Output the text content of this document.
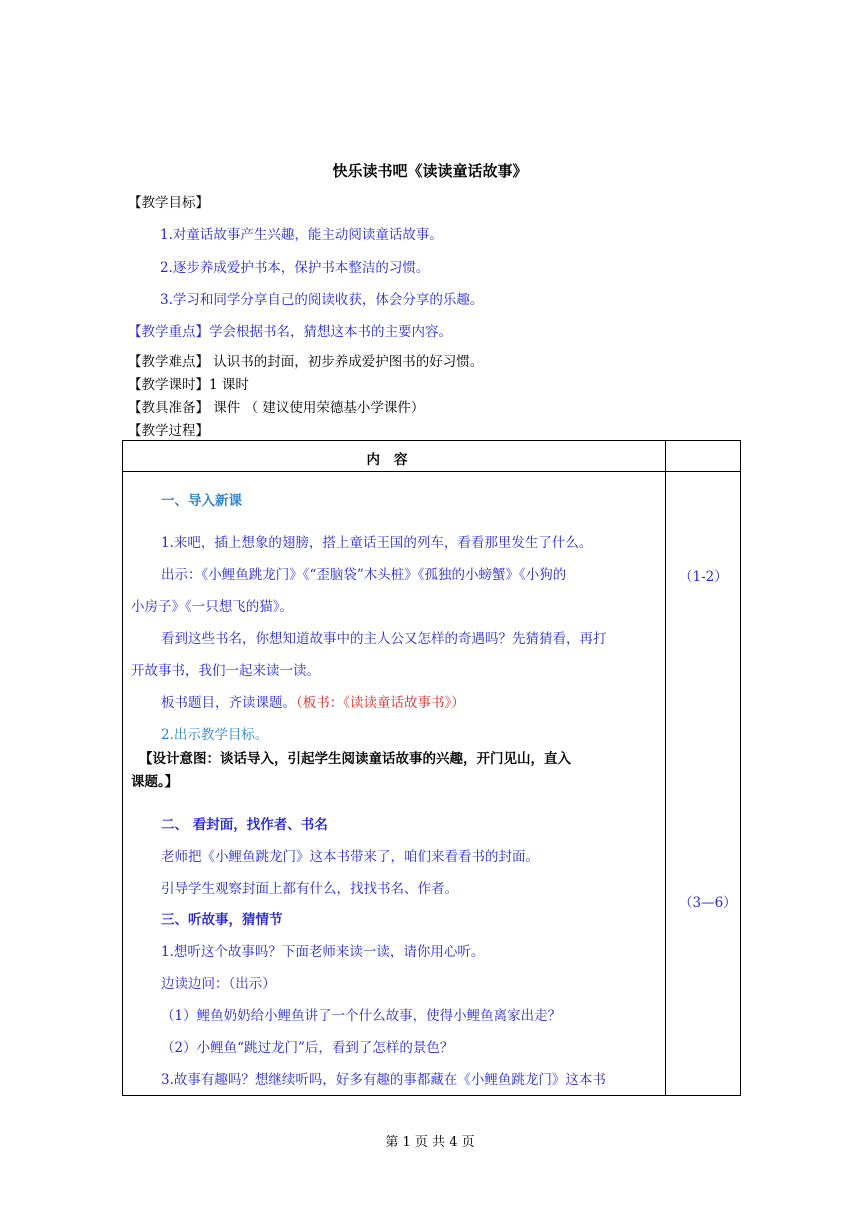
快乐读书吧《读读童话故事》
【教学目标】
1.对童话故事产生兴趣，能主动阅读童话故事。
2.逐步养成爱护书本，保护书本整洁的习惯。
3.学习和同学分享自己的阅读收获，体会分享的乐趣。
【教学重点】学会根据书名，猜想这本书的主要内容。
【教学难点】 认识书的封面，初步养成爱护图书的好习惯。
【教学课时】1 课时
【教具准备】 课件 （ 建议使用荣德基小学课件）
【教学过程】
内容
一、导入新课
1.来吧，插上想象的翅膀，搭上童话王国的列车，看看那里发生了什么。
出示：《小鲤鱼跳龙门》《“歪脑袋”木头桩》《孤独的小螃蟹》《小狗的
小房子》《一只想飞的猫》。
看到这些书名，你想知道故事中的主人公又怎样的奇遇吗？先猜猜看，再打
开故事书，我们一起来读一读。
板书题目，齐读课题。（板书：《读读童话故事书》）
2.出示教学目标。
【设计意图：谈话导入，引起学生阅读童话故事的兴趣，开门见山，直入
课题。】
二、 看封面，找作者、书名
老师把《小鲤鱼跳龙门》这本书带来了，咱们来看看书的封面。
引导学生观察封面上都有什么，找找书名、作者。
三、听故事，猜情节
1.想听这个故事吗？下面老师来读一读，请你用心听。
边读边问：（出示）
（1）鲤鱼奶奶给小鲤鱼讲了一个什么故事，使得小鲤鱼离家出走？
（2）小鲤鱼“跳过龙门”后，看到了怎样的景色？
3.故事有趣吗？想继续听吗，好多有趣的事都藏在《小鲤鱼跳龙门》这本书
（1-2）
（3—6）
第 1 页 共 4 页
